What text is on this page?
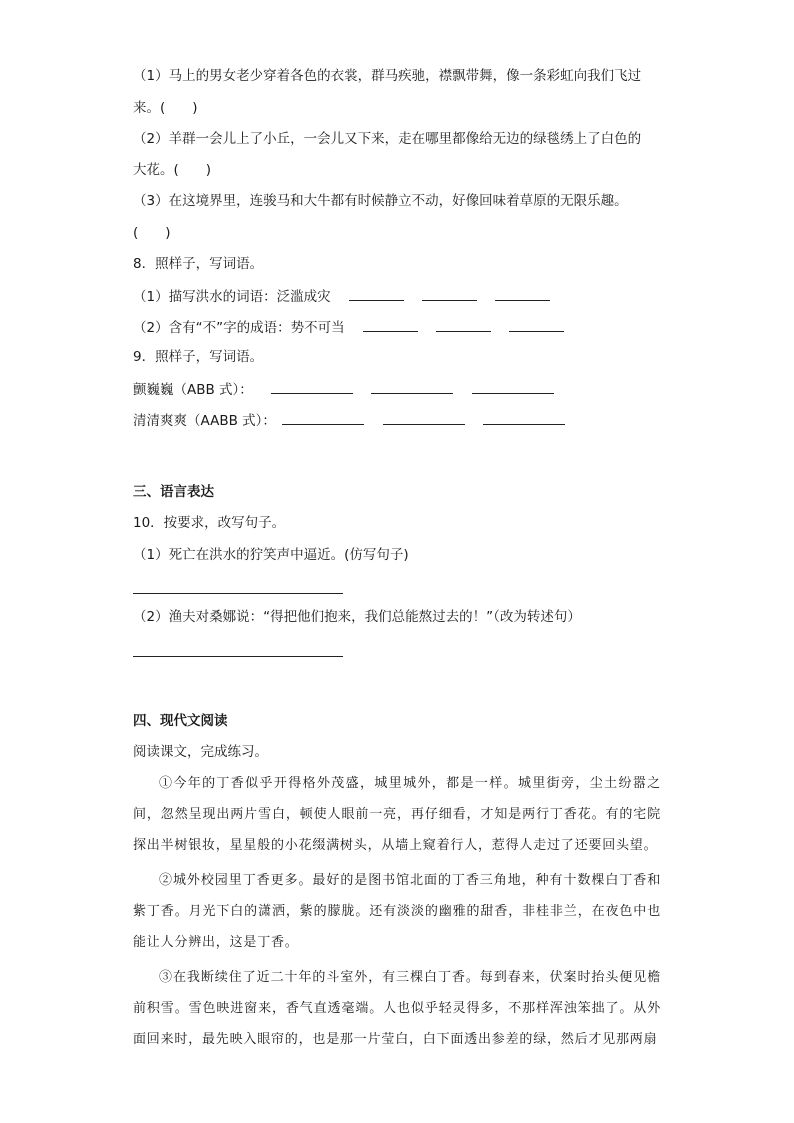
（1）马上的男女老少穿着各色的衣裳，群马疾驰，襟飘带舞，像一条彩虹向我们飞过
来。(　　)
（2）羊群一会儿上了小丘，一会儿又下来，走在哪里都像给无边的绿毯绣上了白色的
大花。(　　)
（3）在这境界里，连骏马和大牛都有时候静立不动，好像回味着草原的无限乐趣。
(　　)
8．照样子，写词语。
（1）描写洪水的词语：泛滥成灾
（2）含有“不”字的成语：势不可当
9．照样子，写词语。
颤巍巍（ABB 式）：
清清爽爽（AABB 式）：
三、语言表达
10．按要求，改写句子。
（1）死亡在洪水的狞笑声中逼近。(仿写句子)
（2）渔夫对桑娜说：“得把他们抱来，我们总能熬过去的！”（改为转述句）
四、现代文阅读
阅读课文，完成练习。

①今年的丁香似乎开得格外茂盛，城里城外，都是一样。城里街旁，尘土纷嚣之间，忽然呈现出两片雪白，顿使人眼前一亮，再仔细看，才知是两行丁香花。有的宅院探出半树银妆，星星般的小花缀满树头，从墙上窥着行人，惹得人走过了还要回头望。

②城外校园里丁香更多。最好的是图书馆北面的丁香三角地，种有十数棵白丁香和紫丁香。月光下白的潇洒，紫的朦胧。还有淡淡的幽雅的甜香，非桂非兰，在夜色中也能让人分辨出，这是丁香。

③在我断续住了近二十年的斗室外，有三棵白丁香。每到春来，伏案时抬头便见檐前积雪。雪色映进窗来，香气直透毫端。人也似乎轻灵得多，不那样浑浊笨拙了。从外面回来时，最先映入眼帘的，也是那一片莹白，白下面透出参差的绿，然后才见那两扇
